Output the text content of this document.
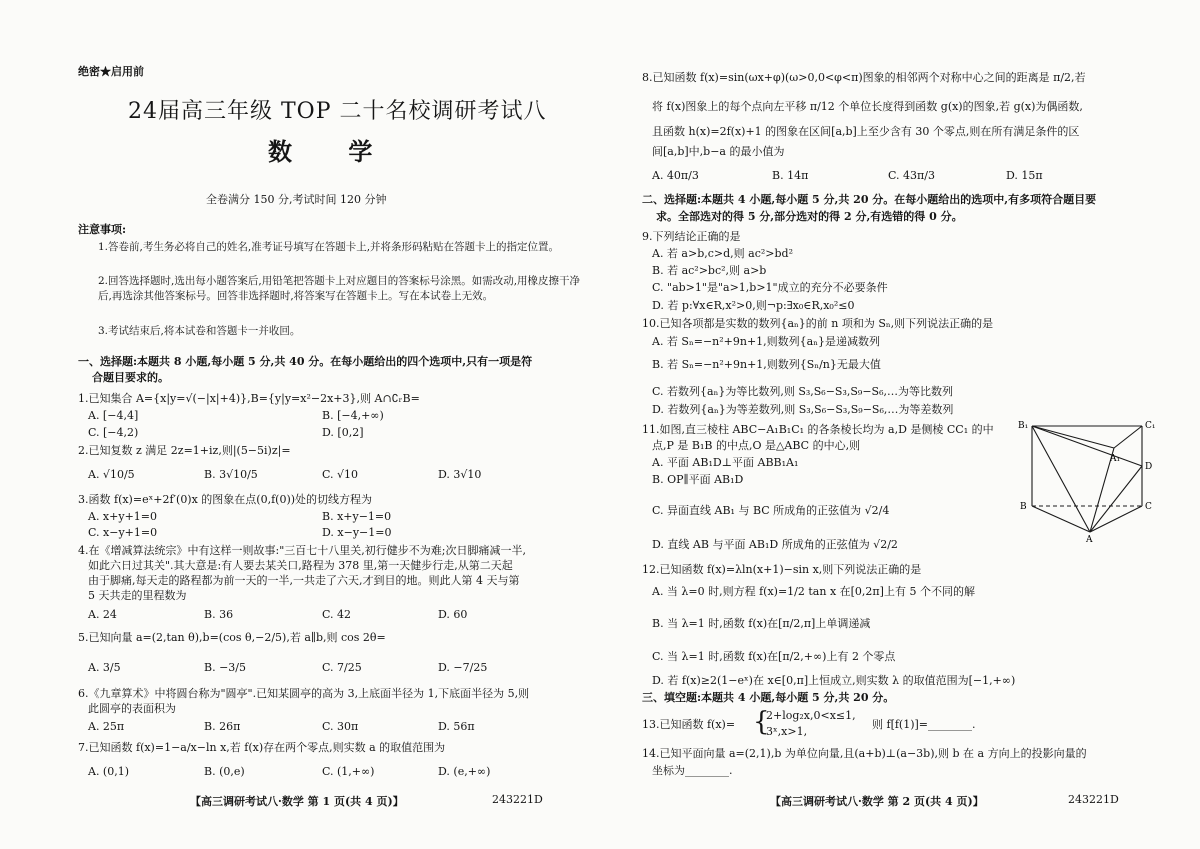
绝密★启用前
24届高三年级 TOP 二十名校调研考试八
数 学
全卷满分 150 分,考试时间 120 分钟
注意事项:
1.答卷前,考生务必将自己的姓名,准考证号填写在答题卡上,并将条形码粘贴在答题卡上的指定位置。
2.回答选择题时,选出每小题答案后,用铅笔把答题卡上对应题目的答案标号涂黑。如需改动,用橡皮擦干净后,再选涂其他答案标号。回答非选择题时,将答案写在答题卡上。写在本试卷上无效。
3.考试结束后,将本试卷和答题卡一并收回。
一、选择题:本题共 8 小题,每小题 5 分,共 40 分。在每小题给出的四个选项中,只有一项是符
合题目要求的。
1.已知集合 A={x|y=√(−|x|+4)},B={y|y=x²−2x+3},则 A∩∁ᵣB=
A. [−4,4]	B. [−4,+∞)
C. [−4,2)	D. [0,2]
2.已知复数 z 满足 2z=1+iz,则|(5−5i)z|=
A. √10/5	B. 3√10/5	C. √10	D. 3√10
3.函数 f(x)=eˣ+2f′(0)x 的图象在点(0,f(0))处的切线方程为
A. x+y+1=0	B. x+y−1=0
C. x−y+1=0	D. x−y−1=0
4.在《增减算法统宗》中有这样一则故事:"三百七十八里关,初行健步不为难;次日脚痛减一半,
如此六日过其关".其大意是:有人要去某关口,路程为 378 里,第一天健步行走,从第二天起
由于脚痛,每天走的路程都为前一天的一半,一共走了六天,才到目的地。则此人第 4 天与第
5 天共走的里程数为
A. 24	B. 36	C. 42	D. 60
5.已知向量 a=(2,tan θ),b=(cos θ,−2/5),若 a∥b,则 cos 2θ=
A. 3/5	B. −3/5	C. 7/25	D. −7/25
6.《九章算术》中将圆台称为"圆亭".已知某圆亭的高为 3,上底面半径为 1,下底面半径为 5,则
此圆亭的表面积为
A. 25π	B. 26π	C. 30π	D. 56π
7.已知函数 f(x)=1−a/x−ln x,若 f(x)存在两个零点,则实数 a 的取值范围为
A. (0,1)	B. (0,e)	C. (1,+∞)	D. (e,+∞)
【高三调研考试八·数学 第 1 页(共 4 页)】	243221D
8.已知函数 f(x)=sin(ωx+φ)(ω>0,0<φ<π)图象的相邻两个对称中心之间的距离是 π/2,若
将 f(x)图象上的每个点向左平移 π/12 个单位长度得到函数 g(x)的图象,若 g(x)为偶函数,
且函数 h(x)=2f(x)+1 的图象在区间[a,b]上至少含有 30 个零点,则在所有满足条件的区
间[a,b]中,b−a 的最小值为
A. 40π/3	B. 14π	C. 43π/3	D. 15π
二、选择题:本题共 4 小题,每小题 5 分,共 20 分。在每小题给出的选项中,有多项符合题目要
求。全部选对的得 5 分,部分选对的得 2 分,有选错的得 0 分。
9.下列结论正确的是
A. 若 a>b,c>d,则 ac²>bd²
B. 若 ac²>bc²,则 a>b
C. "ab>1"是"a>1,b>1"成立的充分不必要条件
D. 若 p:∀x∈R,x²>0,则¬p:∃x₀∈R,x₀²≤0
10.已知各项都是实数的数列{aₙ}的前 n 项和为 Sₙ,则下列说法正确的是
A. 若 Sₙ=−n²+9n+1,则数列{aₙ}是递减数列
B. 若 Sₙ=−n²+9n+1,则数列{Sₙ/n}无最大值
C. 若数列{aₙ}为等比数列,则 S₃,S₆−S₃,S₉−S₆,…为等比数列
D. 若数列{aₙ}为等差数列,则 S₃,S₆−S₃,S₉−S₆,…为等差数列
11.如图,直三棱柱 ABC−A₁B₁C₁ 的各条棱长均为 a,D 是侧棱 CC₁ 的中
点,P 是 B₁B 的中点,O 是△ABC 的中心,则
A. 平面 AB₁D⊥平面 ABB₁A₁
B. OP∥平面 AB₁D
C. 异面直线 AB₁ 与 BC 所成角的正弦值为 √2/4
D. 直线 AB 与平面 AB₁D 所成角的正弦值为 √2/2
B₁	C₁
A₁
D
B	C
A
12.已知函数 f(x)=λln(x+1)−sin x,则下列说法正确的是
A. 当 λ=0 时,则方程 f(x)=1/2 tan x 在[0,2π]上有 5 个不同的解
B. 当 λ=1 时,函数 f(x)在[π/2,π]上单调递减
C. 当 λ=1 时,函数 f(x)在[π/2,+∞)上有 2 个零点
D. 若 f(x)≥2(1−eˣ)在 x∈[0,π]上恒成立,则实数 λ 的取值范围为[−1,+∞)
三、填空题:本题共 4 小题,每小题 5 分,共 20 分。
13.已知函数 f(x)= {
2+log₂x,0<x≤1,
3ˣ,x>1,
则 f[f(1)]=________.
14.已知平面向量 a=(2,1),b 为单位向量,且(a+b)⊥(a−3b),则 b 在 a 方向上的投影向量的
坐标为________.
【高三调研考试八·数学 第 2 页(共 4 页)】	243221D
